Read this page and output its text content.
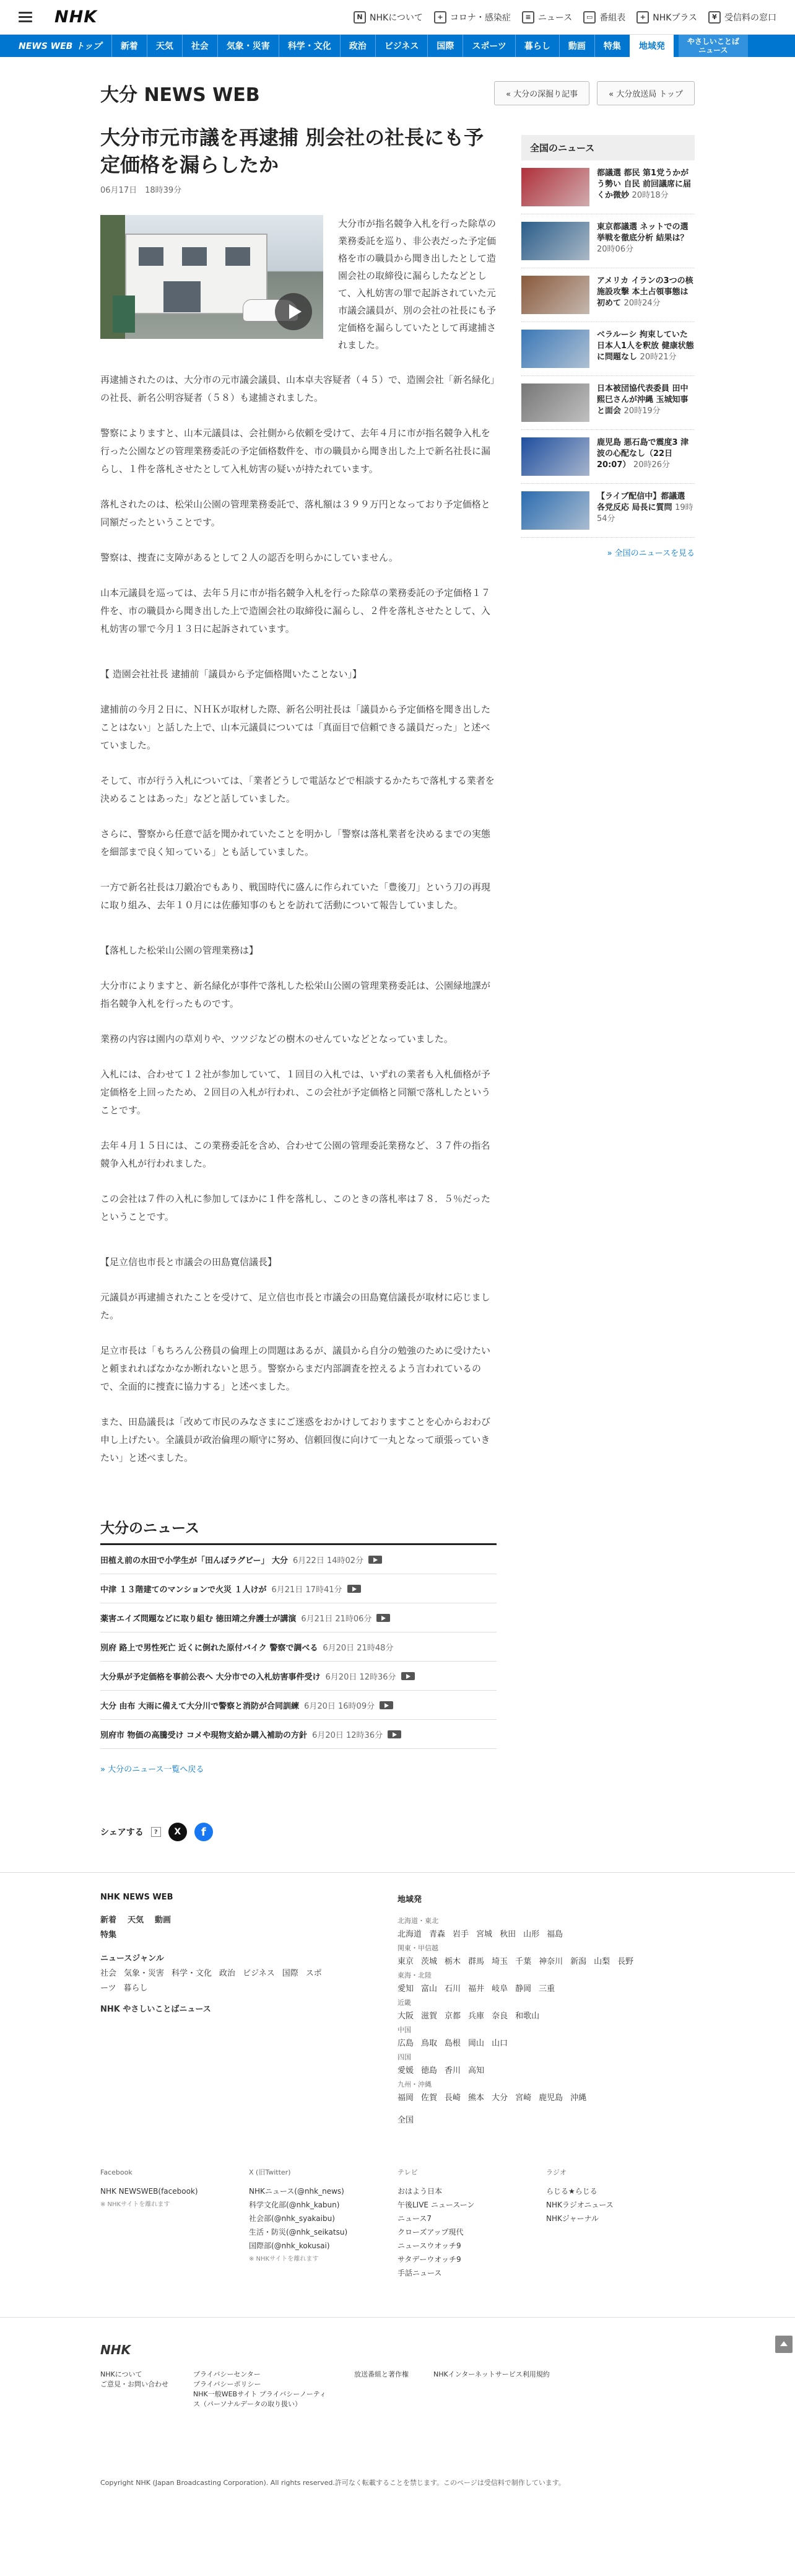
NHK	N NHKについて	+ コロナ・感染症	≡ ニュース	▭ 番組表	+ NHKプラス	¥ 受信料の窓口
NEWS WEB トップ	新着	天気	社会	気象・災害	科学・文化	政治	ビジネス	国際	スポーツ	暮らし	動画	特集	地域発	やさしいことば
ニュース
大分 NEWS WEB	« 大分の深掘り記事	« 大分放送局 トップ
大分市元市議を再逮捕 別会社の社長にも予定価格を漏らしたか
06月17日　18時39分
大分市が指名競争入札を行った除草の業務委託を巡り、非公表だった予定価格を市の職員から聞き出したとして造園会社の取締役に漏らしたなどとして、入札妨害の罪で起訴されていた元市議会議員が、別の会社の社長にも予定価格を漏らしていたとして再逮捕されました。

再逮捕されたのは、大分市の元市議会議員、山本卓夫容疑者（４５）で、造園会社「新名緑化」の社長、新名公明容疑者（５８）も逮捕されました。

警察によりますと、山本元議員は、会社側から依頼を受けて、去年４月に市が指名競争入札を行った公園などの管理業務委託の予定価格数件を、市の職員から聞き出した上で新名社長に漏らし、１件を落札させたとして入札妨害の疑いが持たれています。

落札されたのは、松栄山公園の管理業務委託で、落札額は３９９万円となっており予定価格と同額だったということです。

警察は、捜査に支障があるとして２人の認否を明らかにしていません。

山本元議員を巡っては、去年５月に市が指名競争入札を行った除草の業務委託の予定価格１７件を、市の職員から聞き出した上で造園会社の取締役に漏らし、２件を落札させたとして、入札妨害の罪で今月１３日に起訴されています。

【 造園会社社長 逮捕前「議員から予定価格聞いたことない」】

逮捕前の今月２日に、ＮＨＫが取材した際、新名公明社長は「議員から予定価格を聞き出したことはない」と話した上で、山本元議員については「真面目で信頼できる議員だった」と述べていました。

そして、市が行う入札については、「業者どうしで電話などで相談するかたちで落札する業者を決めることはあった」などと話していました。

さらに、警察から任意で話を聞かれていたことを明かし「警察は落札業者を決めるまでの実態を細部まで良く知っている」とも話していました。

一方で新名社長は刀鍛冶でもあり、戦国時代に盛んに作られていた「豊後刀」という刀の再現に取り組み、去年１０月には佐藤知事のもとを訪れて活動について報告していました。

【落札した松栄山公園の管理業務は】

大分市によりますと、新名緑化が事件で落札した松栄山公園の管理業務委託は、公園緑地課が指名競争入札を行ったものです。

業務の内容は園内の草刈りや、ツツジなどの樹木のせんていなどとなっていました。

入札には、合わせて１２社が参加していて、１回目の入札では、いずれの業者も入札価格が予定価格を上回ったため、２回目の入札が行われ、この会社が予定価格と同額で落札したということです。

去年４月１５日には、この業務委託を含め、合わせて公園の管理委託業務など、３７件の指名競争入札が行われました。

この会社は７件の入札に参加してほかに１件を落札し、このときの落札率は７８．５％だったということです。

【足立信也市長と市議会の田島寛信議長】

元議員が再逮捕されたことを受けて、足立信也市長と市議会の田島寛信議長が取材に応じました。

足立市長は「もちろん公務員の倫理上の問題はあるが、議員から自分の勉強のために受けたいと頼まれればなかなか断れないと思う。警察からまだ内部調査を控えるよう言われているので、全面的に捜査に協力する」と述べました。

また、田島議長は「改めて市民のみなさまにご迷惑をおかけしておりますことを心からおわび申し上げたい。全議員が政治倫理の順守に努め、信頼回復に向けて一丸となって頑張っていきたい」と述べました。

大分のニュース
田植え前の水田で小学生が「田んぼラグビー」 大分 6月22日 14時02分
中津 １３階建てのマンションで火災 １人けが 6月21日 17時41分
薬害エイズ問題などに取り組む 徳田靖之弁護士が講演 6月21日 21時06分
別府 路上で男性死亡 近くに倒れた原付バイク 警察で調べる 6月20日 21時48分
大分県が予定価格を事前公表へ 大分市での入札妨害事件受け 6月20日 12時36分
大分 由布 大雨に備えて大分川で警察と消防が合同訓練 6月20日 16時09分
別府市 物価の高騰受け コメや現物支給か購入補助の方針 6月20日 12時36分
» 大分のニュース一覧へ戻る
シェアする	?	X	f
全国のニュース
都議選 都民 第1党うかがう勢い 自民 前回議席に届くか微妙 20時18分
東京都議選 ネットでの選挙戦を徹底分析 結果は？ 20時06分
アメリカ イランの3つの核施設攻撃 本土占領事態は初めて 20時24分
ベラルーシ 拘束していた日本人1人を釈放 健康状態に問題なし 20時21分
日本被団協代表委員 田中熙巳さんが沖縄 玉城知事と面会 20時19分
鹿児島 悪石島で震度3 津波の心配なし（22日 20:07） 20時26分
【ライブ配信中】都議選 各党反応 局長に質問 19時54分
» 全国のニュースを見る
NHK NEWS WEB
新着 天気 動画
特集
ニュースジャンル
社会 気象・災害 科学・文化 政治 ビジネス 国際 スポーツ 暮らし
NHK やさしいことばニュース
地域発
北海道・東北
北海道 青森 岩手 宮城 秋田 山形 福島
関東・甲信越
東京 茨城 栃木 群馬 埼玉 千葉 神奈川 新潟 山梨 長野
東海・北陸
愛知 富山 石川 福井 岐阜 静岡 三重
近畿
大阪 滋賀 京都 兵庫 奈良 和歌山
中国
広島 鳥取 島根 岡山 山口
四国
愛媛 徳島 香川 高知
九州・沖縄
福岡 佐賀 長崎 熊本 大分 宮崎 鹿児島 沖縄
全国
Facebook
NHK NEWSWEB(facebook)
※ NHKサイトを離れます
X (旧Twitter)
NHKニュース(@nhk_news)
科学文化部(@nhk_kabun)
社会部(@nhk_syakaibu)
生活・防災(@nhk_seikatsu)
国際部(@nhk_kokusai)
※ NHKサイトを離れます
テレビ
おはよう日本
午後LIVE ニュースーン
ニュース7
クローズアップ現代
ニュースウオッチ9
サタデーウオッチ9
手話ニュース
ラジオ
らじる★らじる
NHKラジオニュース
NHKジャーナル
NHK
NHKについて
ご意見・お問い合わせ
プライバシーセンター
プライバシーポリシー
NHK一般WEBサイト プライバシーノーティス（パーソナルデータの取り扱い）
放送番組と著作権	NHKインターネットサービス利用規約
Copyright NHK (Japan Broadcasting Corporation). All rights reserved.許可なく転載することを禁じます。このページは受信料で制作しています。
